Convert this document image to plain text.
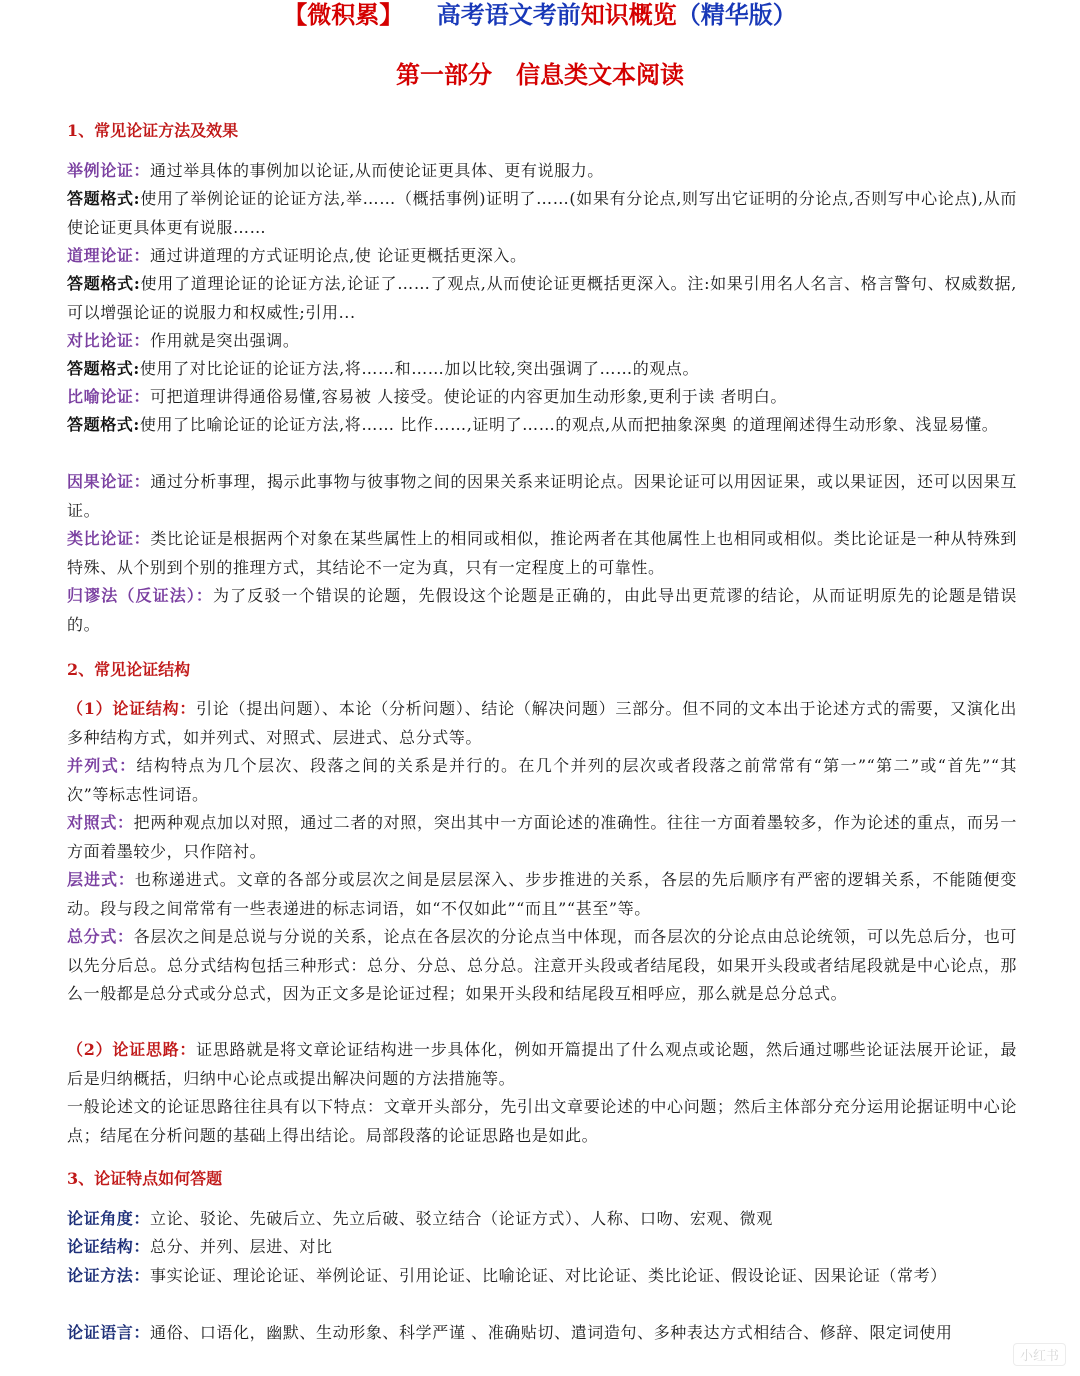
【微积累】 高考语文考前知识概览（精华版）
第一部分　信息类文本阅读
1、常见论证方法及效果
举例论证：通过举具体的事例加以论证,从而使论证更具体、更有说服力。
答题格式:使用了举例论证的论证方法,举……（概括事例)证明了……(如果有分论点,则写出它证明的分论点,否则写中心论点),从而使论证更具体更有说服……
道理论证：通过讲道理的方式证明论点,使 论证更概括更深入。
答题格式:使用了道理论证的论证方法,论证了……了观点,从而使论证更概括更深入。注:如果引用名人名言、格言警句、权威数据, 可以增强论证的说服力和权威性;引用...
对比论证：作用就是突出强调。
答题格式:使用了对比论证的论证方法,将……和……加以比较,突出强调了……的观点。
比喻论证：可把道理讲得通俗易懂,容易被 人接受。使论证的内容更加生动形象,更利于读 者明白。
答题格式:使用了比喻论证的论证方法,将…… 比作……,证明了……的观点,从而把抽象深奥 的道理阐述得生动形象、浅显易懂。
因果论证：通过分析事理，揭示此事物与彼事物之间的因果关系来证明论点。因果论证可以用因证果，或以果证因，还可以因果互证。
类比论证：类比论证是根据两个对象在某些属性上的相同或相似，推论两者在其他属性上也相同或相似。类比论证是一种从特殊到特殊、从个别到个别的推理方式，其结论不一定为真，只有一定程度上的可靠性。
归谬法（反证法）：为了反驳一个错误的论题，先假设这个论题是正确的，由此导出更荒谬的结论，从而证明原先的论题是错误的。
2、常见论证结构
（1）论证结构：引论（提出问题）、本论（分析问题）、结论（解决问题）三部分。但不同的文本出于论述方式的需要，又演化出多种结构方式，如并列式、对照式、层进式、总分式等。
并列式：结构特点为几个层次、段落之间的关系是并行的。在几个并列的层次或者段落之前常常有“第一”“第二”或“首先”“其次”等标志性词语。
对照式：把两种观点加以对照，通过二者的对照，突出其中一方面论述的准确性。往往一方面着墨较多，作为论述的重点，而另一方面着墨较少，只作陪衬。
层进式：也称递进式。文章的各部分或层次之间是层层深入、步步推进的关系，各层的先后顺序有严密的逻辑关系，不能随便变动。段与段之间常常有一些表递进的标志词语，如“不仅如此”“而且”“甚至”等。
总分式：各层次之间是总说与分说的关系，论点在各层次的分论点当中体现，而各层次的分论点由总论统领，可以先总后分，也可以先分后总。总分式结构包括三种形式：总分、分总、总分总。注意开头段或者结尾段，如果开头段或者结尾段就是中心论点，那么一般都是总分式或分总式，因为正文多是论证过程；如果开头段和结尾段互相呼应，那么就是总分总式。
（2）论证思路：证思路就是将文章论证结构进一步具体化，例如开篇提出了什么观点或论题，然后通过哪些论证法展开论证，最后是归纳概括，归纳中心论点或提出解决问题的方法措施等。
一般论述文的论证思路往往具有以下特点：文章开头部分，先引出文章要论述的中心问题；然后主体部分充分运用论据证明中心论点；结尾在分析问题的基础上得出结论。局部段落的论证思路也是如此。
3、论证特点如何答题
论证角度：立论、驳论、先破后立、先立后破、驳立结合（论证方式）、人称、口吻、宏观、微观
论证结构：总分、并列、层进、对比
论证方法：事实论证、理论论证、举例论证、引用论证、比喻论证、对比论证、类比论证、假设论证、因果论证（常考）
论证语言：通俗、口语化，幽默、生动形象、科学严谨 、准确贴切、遣词造句、多种表达方式相结合、修辞、限定词使用
小红书
